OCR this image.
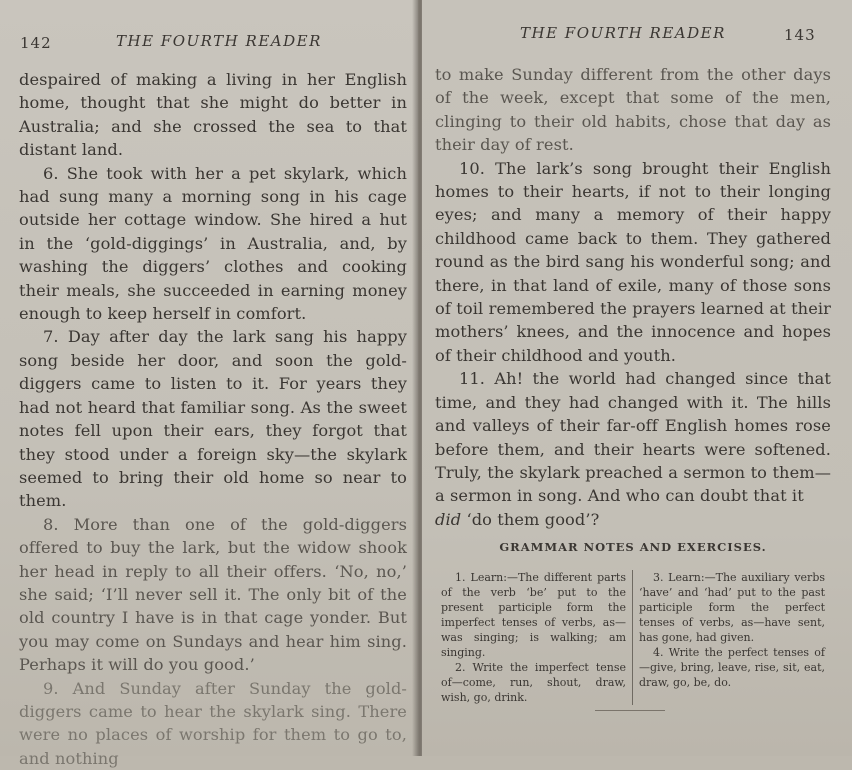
142	THE FOURTH READER

despaired of making a living in her English home, thought that she might do better in Australia; and she crossed the sea to that distant land.

6. She took with her a pet skylark, which had sung many a morning song in his cage outside her cottage window. She hired a hut in the ‘gold-diggings’ in Australia, and, by washing the diggers’ clothes and cooking their meals, she succeeded in earning money enough to keep herself in comfort.

7. Day after day the lark sang his happy song beside her door, and soon the gold-diggers came to listen to it. For years they had not heard that familiar song. As the sweet notes fell upon their ears, they forgot that they stood under a foreign sky—the skylark seemed to bring their old home so near to them.

8. More than one of the gold-diggers offered to buy the lark, but the widow shook her head in reply to all their offers. ‘No, no,’ she said; ‘I’ll never sell it. The only bit of the old country I have is in that cage yonder. But you may come on Sundays and hear him sing. Perhaps it will do you good.’

9. And Sunday after Sunday the gold-diggers came to hear the skylark sing. There were no places of worship for them to go to, and nothing

THE FOURTH READER	143

to make Sunday different from the other days of the week, except that some of the men, clinging to their old habits, chose that day as their day of rest.

10. The lark’s song brought their English homes to their hearts, if not to their longing eyes; and many a memory of their happy childhood came back to them. They gathered round as the bird sang his wonderful song; and there, in that land of exile, many of those sons of toil remembered the prayers learned at their mothers’ knees, and the innocence and hopes of their childhood and youth.

11. Ah! the world had changed since that time, and they had changed with it. The hills and valleys of their far-off English homes rose before them, and their hearts were softened. Truly, the skylark preached a sermon to them—a sermon in song. And who can doubt that it
did ‘do them good’?

GRAMMAR NOTES AND EXERCISES.

1. Learn:—The different parts of the verb ‘be’ put to the present participle form the imperfect tenses of verbs, as—was singing; is walking; am singing.

2. Write the imperfect tense of—come, run, shout, draw, wish, go, drink.

3. Learn:—The auxiliary verbs ‘have’ and ‘had’ put to the past participle form the perfect tenses of verbs, as—have sent, has gone, had given.

4. Write the perfect tenses of—give, bring, leave, rise, sit, eat, draw, go, be, do.
